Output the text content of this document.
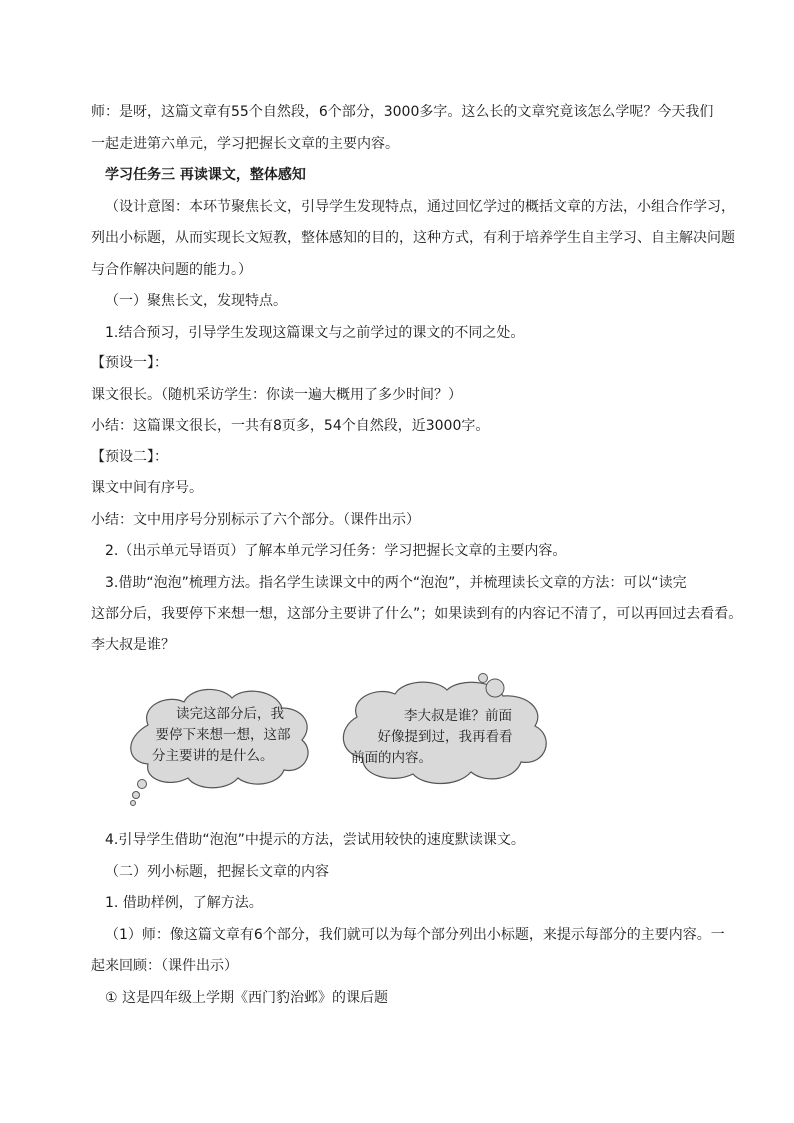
师：是呀，这篇文章有55个自然段，6个部分，3000多字。这么长的文章究竟该怎么学呢？今天我们
一起走进第六单元，学习把握长文章的主要内容。
学习任务三 再读课文，整体感知
（设计意图：本环节聚焦长文，引导学生发现特点，通过回忆学过的概括文章的方法，小组合作学习，
列出小标题，从而实现长文短教，整体感知的目的，这种方式，有利于培养学生自主学习、自主解决问题
与合作解决问题的能力。）
（一）聚焦长文，发现特点。
1.结合预习，引导学生发现这篇课文与之前学过的课文的不同之处。
【预设一】：
课文很长。（随机采访学生：你读一遍大概用了多少时间？）
小结：这篇课文很长，一共有8页多，54个自然段，近3000字。
【预设二】：
课文中间有序号。
小结：文中用序号分别标示了六个部分。（课件出示）
2.（出示单元导语页）了解本单元学习任务：学习把握长文章的主要内容。
3.借助“泡泡”梳理方法。指名学生读课文中的两个“泡泡”，并梳理读长文章的方法：可以“读完
这部分后，我要停下来想一想，这部分主要讲了什么”；如果读到有的内容记不清了，可以再回过去看看。
李大叔是谁？
读完这部分后，我
要停下来想一想，这部
分主要讲的是什么。
李大叔是谁？前面
好像提到过，我再看看
前面的内容。
4.引导学生借助“泡泡”中提示的方法，尝试用较快的速度默读课文。
（二）列小标题，把握长文章的内容
1. 借助样例，了解方法。
（1）师：像这篇文章有6个部分，我们就可以为每个部分列出小标题，来提示每部分的主要内容。一
起来回顾：（课件出示）
① 这是四年级上学期《西门豹治邺》的课后题
